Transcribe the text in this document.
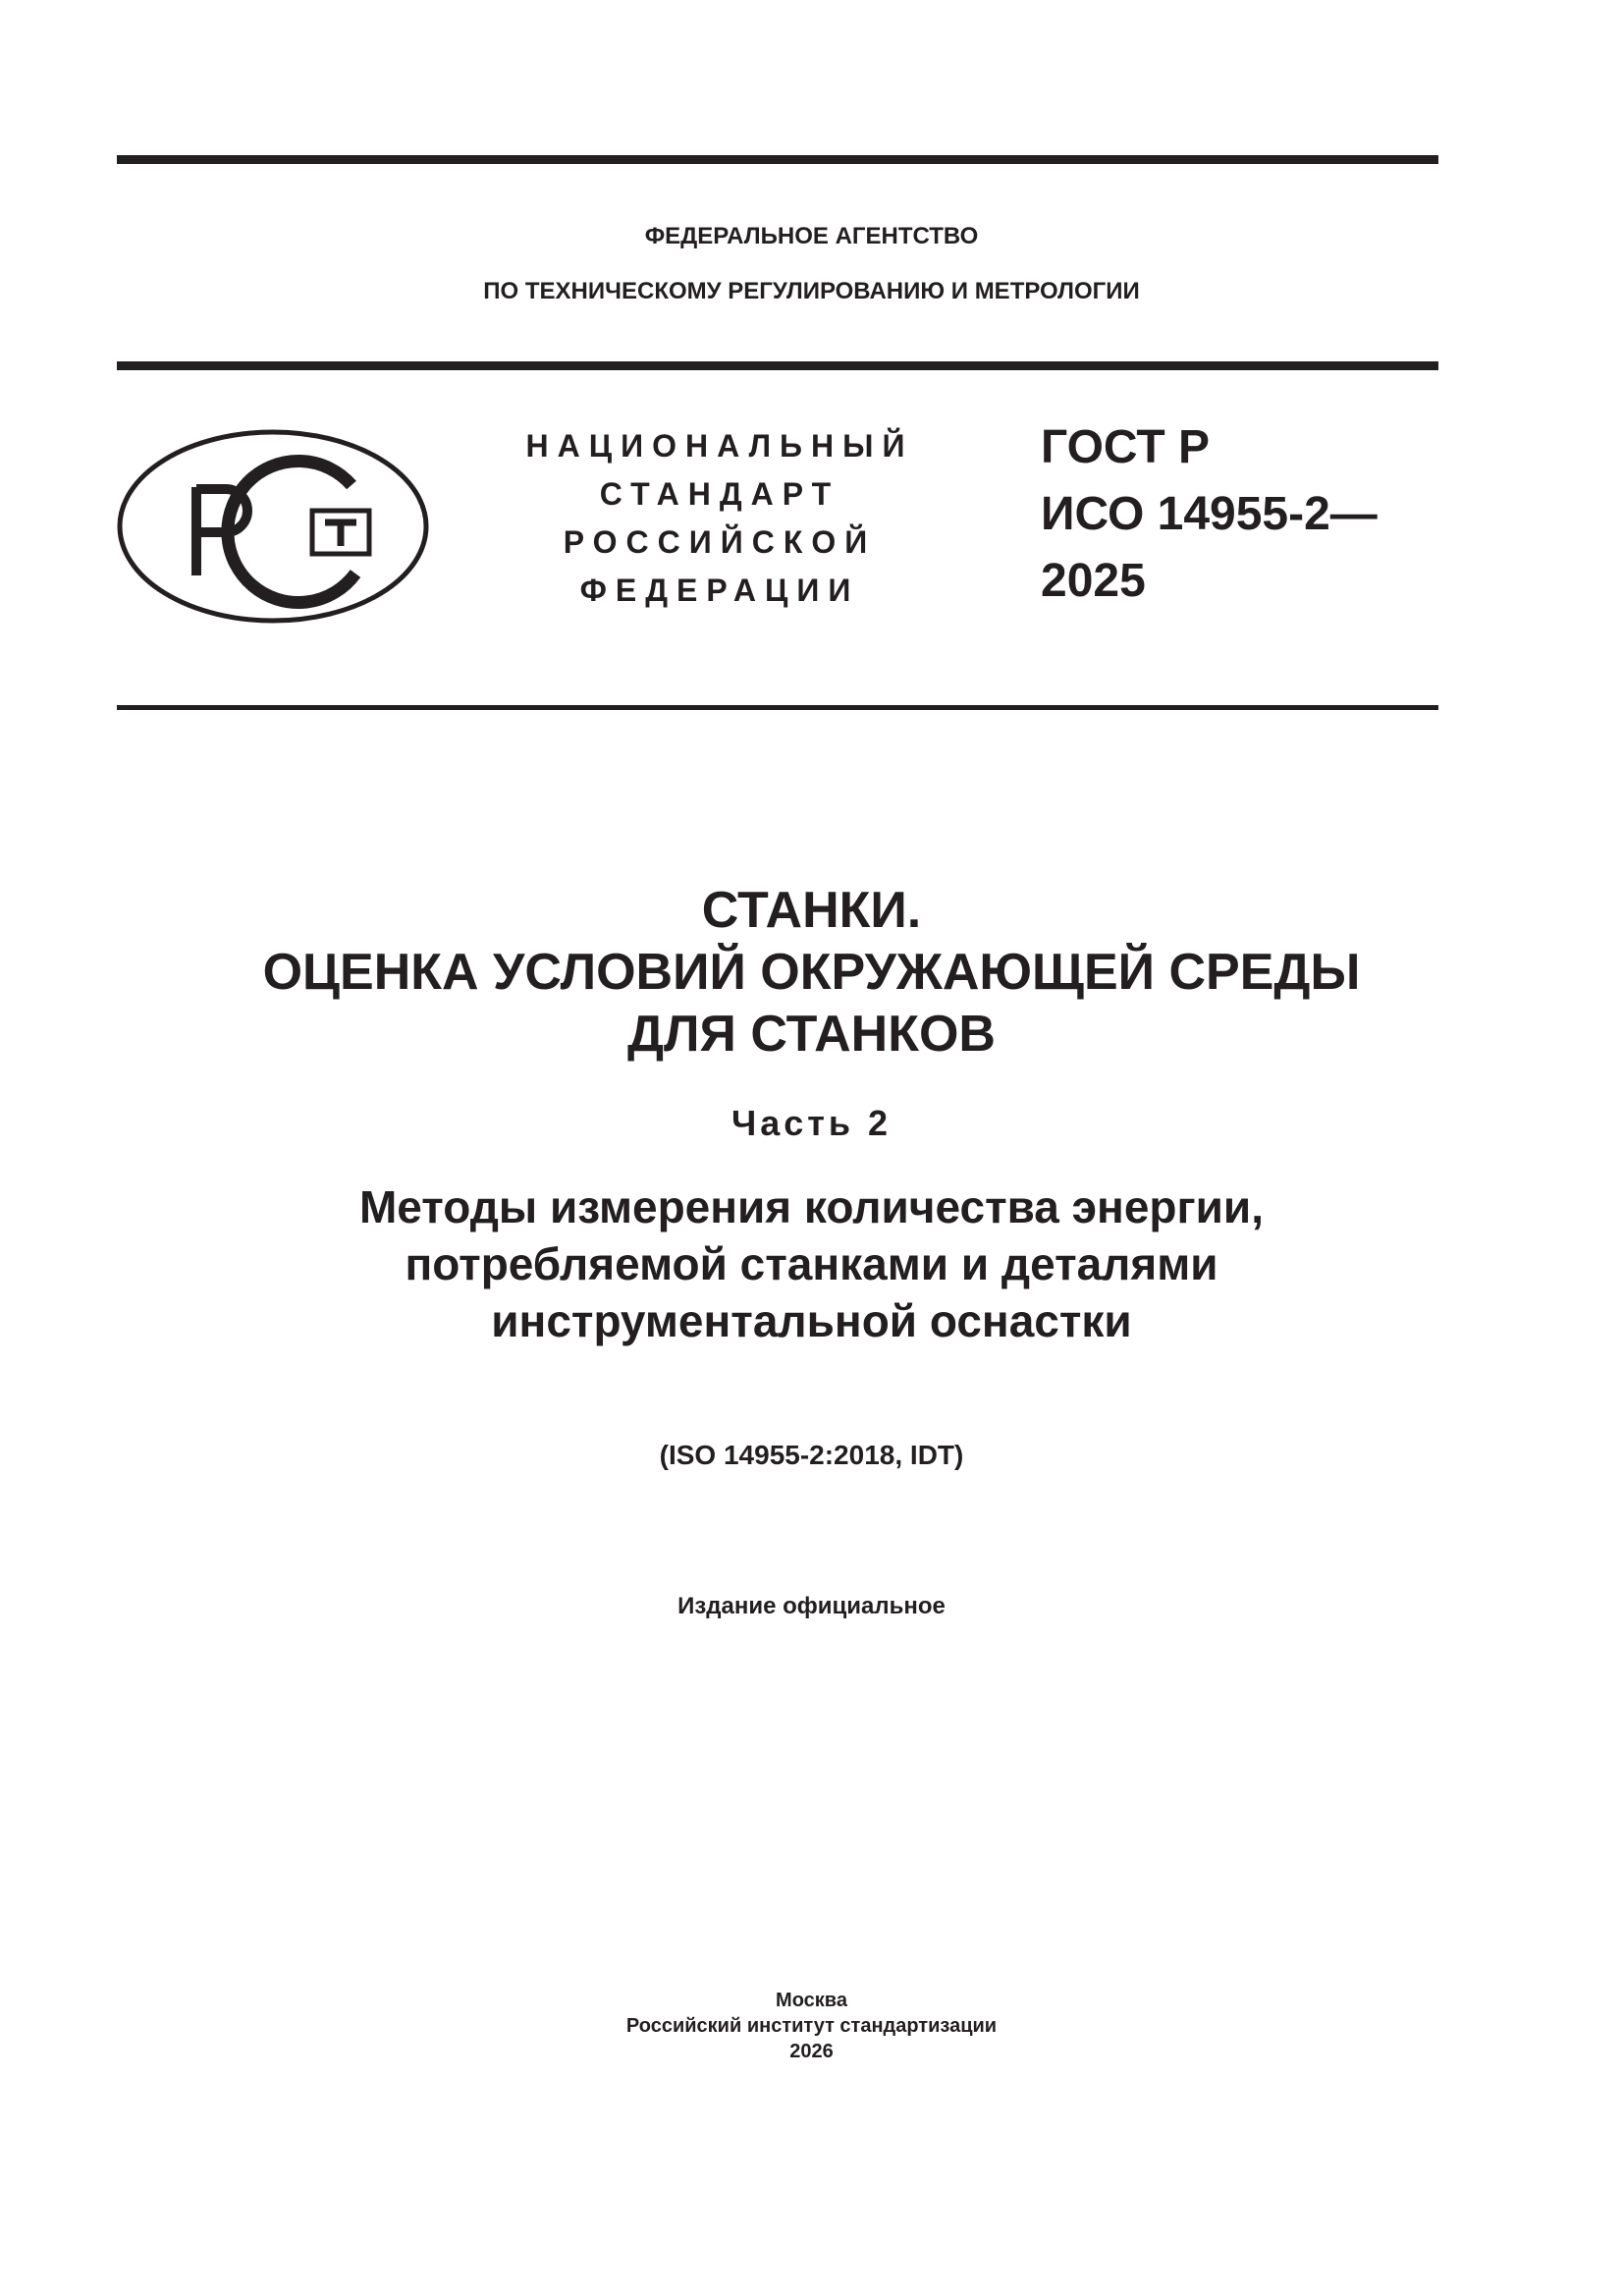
ФЕДЕРАЛЬНОЕ АГЕНТСТВО
ПО ТЕХНИЧЕСКОМУ РЕГУЛИРОВАНИЮ И МЕТРОЛОГИИ
НАЦИОНАЛЬНЫЙ
СТАНДАРТ
РОССИЙСКОЙ
ФЕДЕРАЦИИ
ГОСТ Р
ИСО 14955-2—
2025
СТАНКИ.
ОЦЕНКА УСЛОВИЙ ОКРУЖАЮЩЕЙ СРЕДЫ
ДЛЯ СТАНКОВ
Часть 2
Методы измерения количества энергии,
потребляемой станками и деталями
инструментальной оснастки
(ISO 14955-2:2018, IDT)
Издание официальное
Москва
Российский институт стандартизации
2026
